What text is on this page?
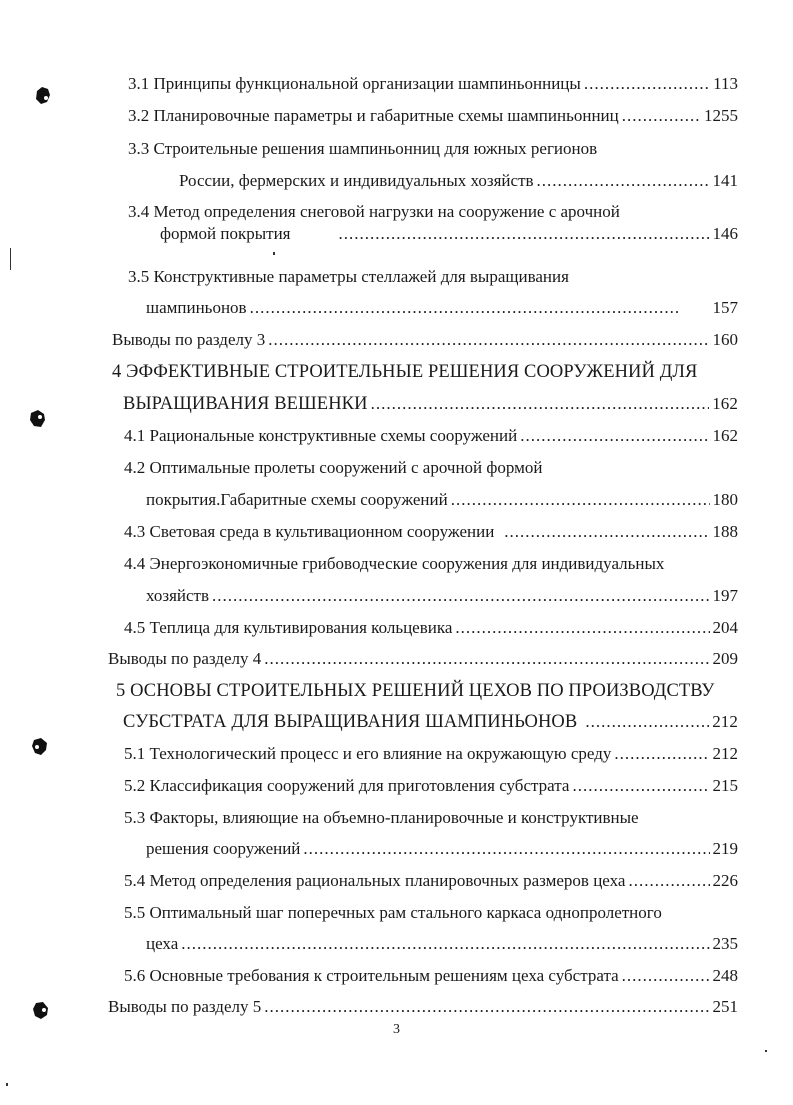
3.1 Принципы функциональной организации шампиньонницы .....	113
3.2 Планировочные параметры и габаритные схемы шампиньонниц .....	1255
3.3 Строительные решения шампиньонниц для южных регионов
России, фермерских и индивидуальных хозяйств .....	141
3.4 Метод определения снеговой нагрузки на сооружение с арочной
формой покрытия .....	146
3.5 Конструктивные параметры стеллажей для выращивания
шампиньонов .....	157
Выводы по разделу 3 .....	160
4 ЭФФЕКТИВНЫЕ СТРОИТЕЛЬНЫЕ РЕШЕНИЯ СООРУЖЕНИЙ ДЛЯ
ВЫРАЩИВАНИЯ ВЕШЕНКИ .....	162
4.1 Рациональные конструктивные схемы сооружений .....	162
4.2 Оптимальные пролеты сооружений с арочной формой
покрытия.Габаритные схемы сооружений .....	180
4.3 Световая среда в культивационном сооружении .....	188
4.4 Энергоэкономичные грибоводческие сооружения для индивидуальных
хозяйств .....	197
4.5 Теплица для культивирования кольцевика .....	204
Выводы по разделу 4 .....	209
5 ОСНОВЫ СТРОИТЕЛЬНЫХ РЕШЕНИЙ ЦЕХОВ ПО ПРОИЗВОДСТВУ
СУБСТРАТА ДЛЯ ВЫРАЩИВАНИЯ ШАМПИНЬОНОВ .....	212
5.1 Технологический процесс и его влияние на окружающую среду .....	212
5.2 Классификация сооружений для приготовления субстрата .....	215
5.3 Факторы, влияющие на объемно-планировочные и конструктивные
решения сооружений .....	219
5.4 Метод определения рациональных планировочных размеров цеха .....	226
5.5 Оптимальный шаг поперечных рам стального каркаса однопролетного
цеха .....	235
5.6 Основные требования к строительным решениям цеха субстрата .....	248
Выводы по разделу 5 .....	251
3
